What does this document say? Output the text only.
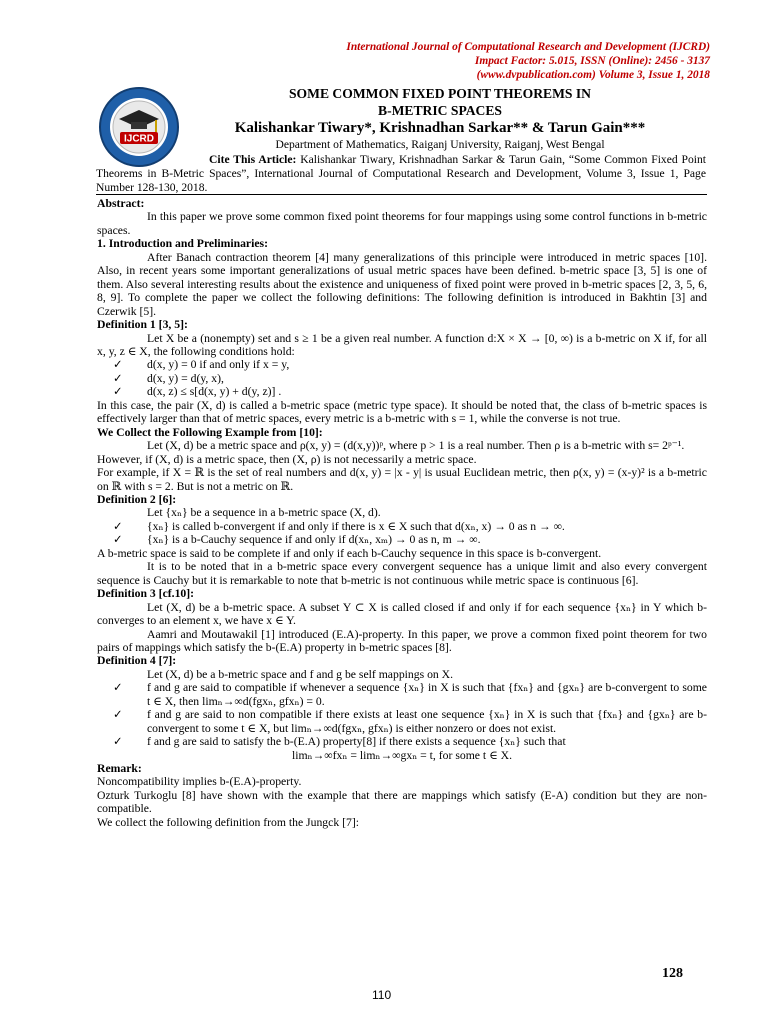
International Journal of Computational Research and Development (IJCRD)
Impact Factor: 5.015, ISSN (Online): 2456 - 3137
(www.dvpublication.com) Volume 3, Issue 1, 2018
IJCRD
SOME COMMON FIXED POINT THEOREMS IN
B-METRIC SPACES
Kalishankar Tiwary*, Krishnadhan Sarkar** & Tarun Gain***
Department of Mathematics, Raiganj University, Raiganj, West Bengal
Cite This Article: Kalishankar Tiwary, Krishnadhan Sarkar & Tarun Gain, “Some Common Fixed Point Theorems in B-Metric Spaces”, International Journal of Computational Research and Development, Volume 3, Issue 1, Page Number 128-130, 2018.

Abstract:

In this paper we prove some common fixed point theorems for four mappings using some control functions in b-metric spaces.

1. Introduction and Preliminaries:

After Banach contraction theorem [4] many generalizations of this principle were introduced in metric spaces [10]. Also, in recent years some important generalizations of usual metric spaces have been defined. b-metric space [3, 5] is one of them. Also several interesting results about the existence and uniqueness of fixed point were proved in b-metric spaces [2, 3, 5, 6, 8, 9]. To complete the paper we collect the following definitions: The following definition is introduced in Bakhtin [3] and Czerwik [5].

Definition 1 [3, 5]:

Let X be a (nonempty) set and s ≥ 1 be a given real number. A function d:X × X → [0, ∞) is a b-metric on X if, for all x, y, z ∈ X, the following conditions hold:

✓ d(x, y) = 0 if and only if x = y,

✓ d(x, y) = d(y, x),

✓ d(x, z) ≤ s[d(x, y) + d(y, z)] .

In this case, the pair (X, d) is called a b-metric space (metric type space). It should be noted that, the class of b-metric spaces is effectively larger than that of metric spaces, every metric is a b-metric with s = 1, while the converse is not true.

We Collect the Following Example from [10]:

Let (X, d) be a metric space and ρ(x, y) = (d(x,y))ᵖ, where p > 1 is a real number. Then ρ is a b-metric with s= 2ᵖ⁻¹.

However, if (X, d) is a metric space, then (X, ρ) is not necessarily a metric space.

For example, if X = ℝ is the set of real numbers and d(x, y) = |x - y| is usual Euclidean metric, then ρ(x, y) = (x-y)² is a b-metric on ℝ with s = 2. But is not a metric on ℝ.

Definition 2 [6]:

Let {xₙ} be a sequence in a b-metric space (X, d).

✓ {xₙ} is called b-convergent if and only if there is x ∈ X such that d(xₙ, x) → 0 as n → ∞.

✓ {xₙ} is a b-Cauchy sequence if and only if d(xₙ, xₘ) → 0 as n, m → ∞.

A b-metric space is said to be complete if and only if each b-Cauchy sequence in this space is b-convergent.

It is to be noted that in a b-metric space every convergent sequence has a unique limit and also every convergent sequence is Cauchy but it is remarkable to note that b-metric is not continuous while metric space is continuous [6].

Definition 3 [cf.10]:

Let (X, d) be a b-metric space. A subset Y ⊂ X is called closed if and only if for each sequence {xₙ} in Y which b-converges to an element x, we have x ∈ Y.

Aamri and Moutawakil [1] introduced (E.A)-property. In this paper, we prove a common fixed point theorem for two pairs of mappings which satisfy the b-(E.A) property in b-metric spaces [8].

Definition 4 [7]:

Let (X, d) be a b-metric space and f and g be self mappings on X.

✓ f and g are said to compatible if whenever a sequence {xₙ} in X is such that {fxₙ} and {gxₙ} are b-convergent to some t ∈ X, then limₙ→∞d(fgxₙ, gfxₙ) = 0.

✓ f and g are said to non compatible if there exists at least one sequence {xₙ} in X is such that {fxₙ} and {gxₙ} are b-convergent to some t ∈ X, but limₙ→∞d(fgxₙ, gfxₙ) is either nonzero or does not exist.

✓ f and g are said to satisfy the b-(E.A) property[8] if there exists a sequence {xₙ} such that

limₙ→∞fxₙ = limₙ→∞gxₙ = t, for some t ∈ X.

Remark:

Noncompatibility implies b-(E.A)-property.

Ozturk Turkoglu [8] have shown with the example that there are mappings which satisfy (E-A) condition but they are non- compatible.

We collect the following definition from the Jungck [7]:

128
110
